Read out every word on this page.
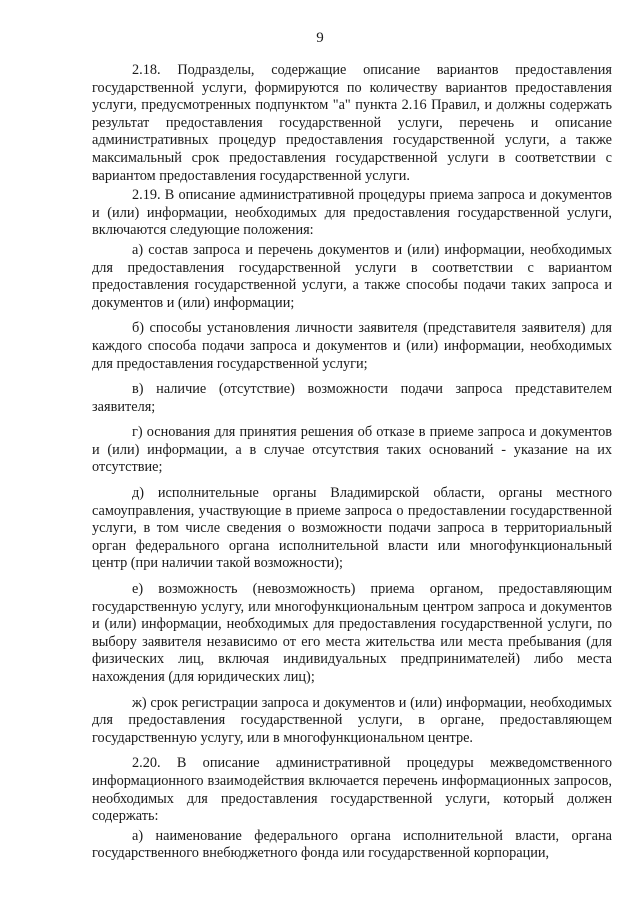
9

2.18. Подразделы, содержащие описание вариантов предоставления государственной услуги, формируются по количеству вариантов предоставления услуги, предусмотренных подпунктом "а" пункта 2.16 Правил, и должны содержать результат предоставления государственной услуги, перечень и описание административных процедур предоставления государственной услуги, а также максимальный срок предоставления государственной услуги в соответствии с вариантом предоставления государственной услуги.

2.19. В описание административной процедуры приема запроса и документов и (или) информации, необходимых для предоставления государственной услуги, включаются следующие положения:

а) состав запроса и перечень документов и (или) информации, необходимых для предоставления государственной услуги в соответствии с вариантом предоставления государственной услуги, а также способы подачи таких запроса и документов и (или) информации;

б) способы установления личности заявителя (представителя заявителя) для каждого способа подачи запроса и документов и (или) информации, необходимых для предоставления государственной услуги;

в) наличие (отсутствие) возможности подачи запроса представителем заявителя;

г) основания для принятия решения об отказе в приеме запроса и документов и (или) информации, а в случае отсутствия таких оснований - указание на их отсутствие;

д) исполнительные органы Владимирской области, органы местного самоуправления, участвующие в приеме запроса о предоставлении государственной услуги, в том числе сведения о возможности подачи запроса в территориальный орган федерального органа исполнительной власти или многофункциональный центр (при наличии такой возможности);

е) возможность (невозможность) приема органом, предоставляющим государственную услугу, или многофункциональным центром запроса и документов и (или) информации, необходимых для предоставления государственной услуги, по выбору заявителя независимо от его места жительства или места пребывания (для физических лиц, включая индивидуальных предпринимателей) либо места нахождения (для юридических лиц);

ж) срок регистрации запроса и документов и (или) информации, необходимых для предоставления государственной услуги, в органе, предоставляющем государственную услугу, или в многофункциональном центре.

2.20. В описание административной процедуры межведомственного информационного взаимодействия включается перечень информационных запросов, необходимых для предоставления государственной услуги, который должен содержать:

а) наименование федерального органа исполнительной власти, органа государственного внебюджетного фонда или государственной корпорации,
